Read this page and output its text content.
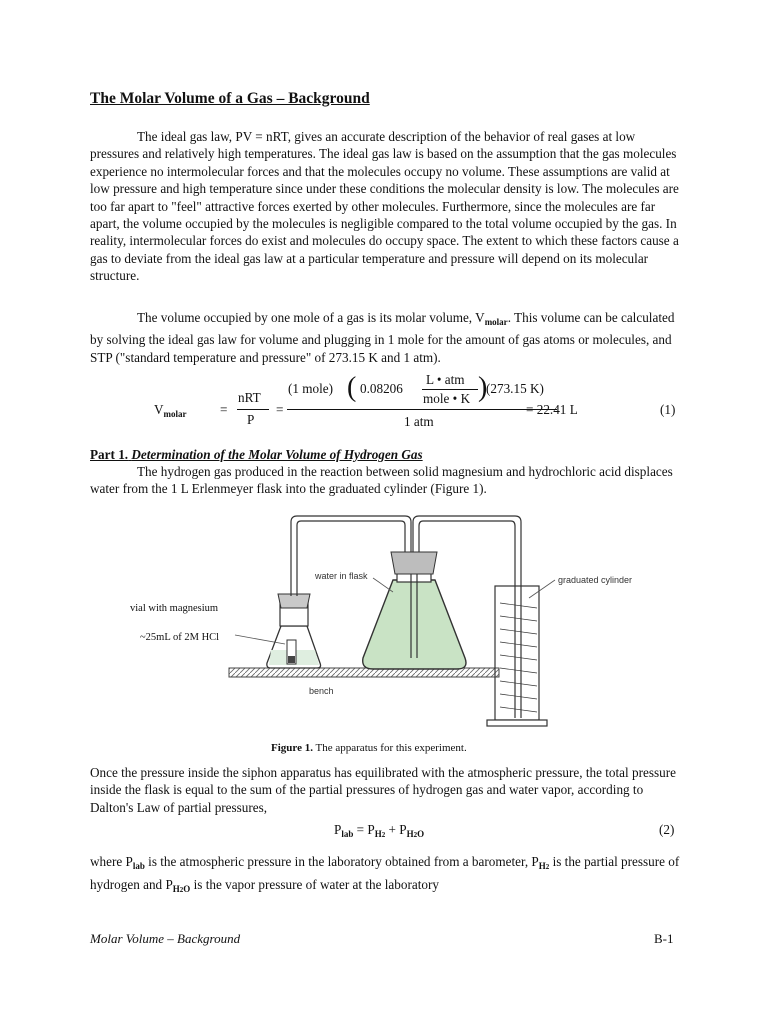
The Molar Volume of a Gas – Background

The ideal gas law, PV = nRT, gives an accurate description of the behavior of real gases at low pressures and relatively high temperatures. The ideal gas law is based on the assumption that the gas molecules experience no intermolecular forces and that the molecules occupy no volume. These assumptions are valid at low pressure and high temperature since under these conditions the molecular density is low. The molecules are too far apart to "feel" attractive forces exerted by other molecules. Furthermore, since the molecules are far apart, the volume occupied by the molecules is negligible compared to the total volume occupied by the gas. In reality, intermolecular forces do exist and molecules do occupy space. The extent to which these factors cause a gas to deviate from the ideal gas law at a particular temperature and pressure will depend on its molecular structure.

The volume occupied by one mole of a gas is its molar volume, $V_{molar}$. This volume can be calculated by solving the ideal gas law for volume and plugging in 1 mole for the amount of gas atoms or molecules, and STP ("standard temperature and pressure" of 273.15 K and 1 atm).

$V_{molar}$	=
nRT
P
=
(1 mole) ( 0.08206
L • atm
mole • K )
(273.15 K)
1 atm
= 22.41 L	(1)
Part 1. Determination of the Molar Volume of Hydrogen Gas

The hydrogen gas produced in the reaction between solid magnesium and hydrochloric acid displaces water from the 1 L Erlenmeyer flask into the graduated cylinder (Figure 1).

bench
water in flask	graduated cylinder
vial with magnesium
~25mL of 2M HCl
Figure 1. The apparatus for this experiment.

Once the pressure inside the siphon apparatus has equilibrated with the atmospheric pressure, the total pressure inside the flask is equal to the sum of the partial pressures of hydrogen gas and water vapor, according to Dalton's Law of partial pressures,

$P_{lab} = P_{H2} + P_{H2O}$	(2)

where $P_{lab}$ is the atmospheric pressure in the laboratory obtained from a barometer, $P_{H2}$ is the partial pressure of hydrogen and $P_{H2O}$ is the vapor pressure of water at the laboratory

Molar Volume – Background	B-1
